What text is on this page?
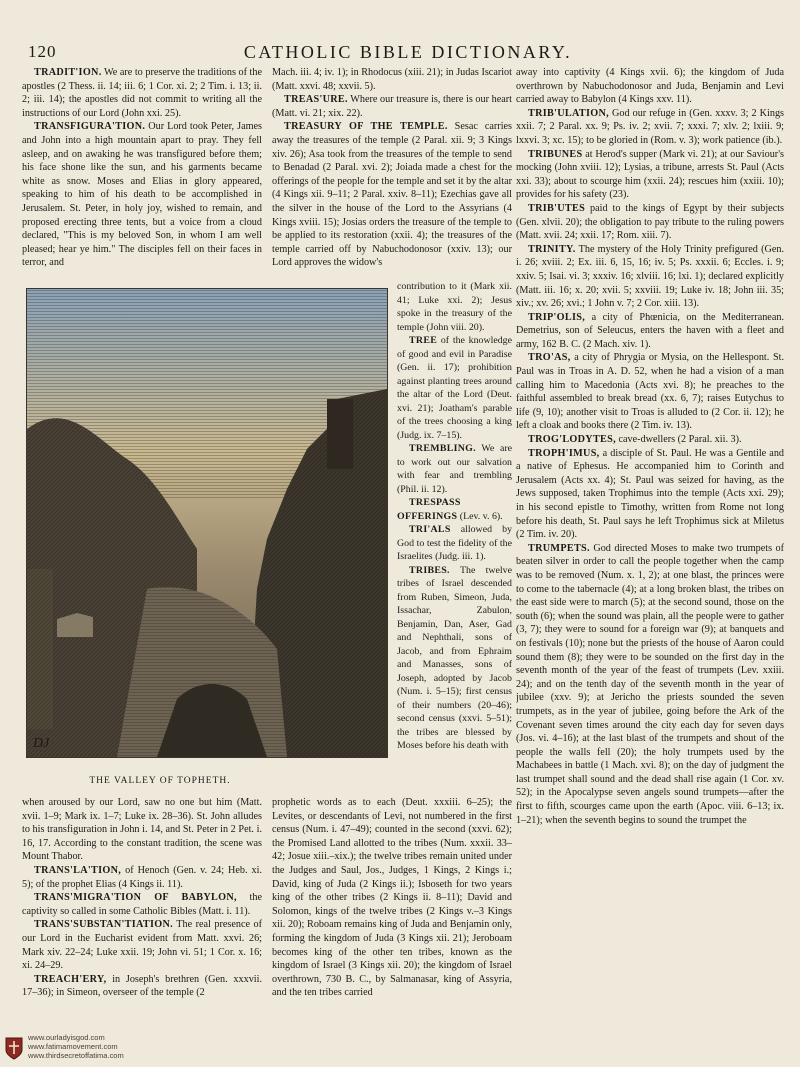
120	CATHOLIC BIBLE DICTIONARY.

TRADIT'ION. We are to preserve the traditions of the apostles (2 Thess. ii. 14; iii. 6; 1 Cor. xi. 2; 2 Tim. i. 13; ii. 2; iii. 14); the apostles did not commit to writing all the instructions of our Lord (John xxi. 25).

TRANSFIGURA'TION. Our Lord took Peter, James and John into a high mountain apart to pray. They fell asleep, and on awaking he was transfigured before them; his face shone like the sun, and his garments became white as snow. Moses and Elias in glory appeared, speaking to him of his death to be accomplished in Jerusalem. St. Peter, in holy joy, wished to remain, and proposed erecting three tents, but a voice from a cloud declared, "This is my beloved Son, in whom I am well pleased; hear ye him." The disciples fell on their faces in terror, and

Mach. iii. 4; iv. 1); in Rhodocus (xiii. 21); in Judas Iscariot (Matt. xxvi. 48; xxvii. 5).

TREAS'URE. Where our treasure is, there is our heart (Matt. vi. 21; xix. 22).

TREASURY OF THE TEMPLE. Sesac carries away the treasures of the temple (2 Paral. xii. 9; 3 Kings xiv. 26); Asa took from the treasures of the temple to send to Benadad (2 Paral. xvi. 2); Joiada made a chest for the offerings of the people for the temple and set it by the altar (4 Kings xii. 9–11; 2 Paral. xxiv. 8–11); Ezechias gave all the silver in the house of the Lord to the Assyrians (4 Kings xviii. 15); Josias orders the treasure of the temple to be applied to its restoration (xxii. 4); the treasures of the temple carried off by Nabuchodonosor (xxiv. 13); our Lord approves the widow's

contribution to it (Mark xii. 41; Luke xxi. 2); Jesus spoke in the treasury of the temple (John viii. 20).

TREE of the knowledge of good and evil in Paradise (Gen. ii. 17); prohibition against planting trees around the altar of the Lord (Deut. xvi. 21); Joatham's parable of the trees choosing a king (Judg. ix. 7–15).

TREMBLING. We are to work out our salvation with fear and trembling (Phil. ii. 12).

TRESPASS OFFERINGS (Lev. v. 6).

TRI'ALS allowed by God to test the fidelity of the Israelites (Judg. iii. 1).

TRIBES. The twelve tribes of Israel descended from Ruben, Simeon, Juda, Issachar, Zabulon, Benjamin, Dan, Aser, Gad and Nephthali, sons of Jacob, and from Ephraim and Manasses, sons of Joseph, adopted by Jacob (Num. i. 5–15); first census of their numbers (20–46); second census (xxvi. 5–51); the tribes are blessed by Moses before his death with

away into captivity (4 Kings xvii. 6); the kingdom of Juda overthrown by Nabuchodonosor and Juda, Benjamin and Levi carried away to Babylon (4 Kings xxv. 11).

TRIB'ULATION, God our refuge in (Gen. xxxv. 3; 2 Kings xxii. 7; 2 Paral. xx. 9; Ps. iv. 2; xvii. 7; xxxi. 7; xlv. 2; lxiii. 9; lxxvi. 3; xc. 15); to be gloried in (Rom. v. 3); work patience (ib.).

TRIBUNES at Herod's supper (Mark vi. 21); at our Saviour's mocking (John xviii. 12); Lysias, a tribune, arrests St. Paul (Acts xxi. 33); about to scourge him (xxii. 24); rescues him (xxiii. 10); provides for his safety (23).

TRIB'UTES paid to the kings of Egypt by their subjects (Gen. xlvii. 20); the obligation to pay tribute to the ruling powers (Matt. xvii. 24; xxii. 17; Rom. xiii. 7).

TRINITY. The mystery of the Holy Trinity prefigured (Gen. i. 26; xviii. 2; Ex. iii. 6, 15, 16; iv. 5; Ps. xxxii. 6; Eccles. i. 9; xxiv. 5; Isai. vi. 3; xxxiv. 16; xlviii. 16; lxi. 1); declared explicitly (Matt. iii. 16; x. 20; xvii. 5; xxviii. 19; Luke iv. 18; John iii. 35; xiv.; xv. 26; xvi.; 1 John v. 7; 2 Cor. xiii. 13).

TRIP'OLIS, a city of Phœnicia, on the Mediterranean. Demetrius, son of Seleucus, enters the haven with a fleet and army, 162 B. C. (2 Mach. xiv. 1).

TRO'AS, a city of Phrygia or Mysia, on the Hellespont. St. Paul was in Troas in A. D. 52, when he had a vision of a man calling him to Macedonia (Acts xvi. 8); he preaches to the faithful assembled to break bread (xx. 6, 7); raises Eutychus to life (9, 10); another visit to Troas is alluded to (2 Cor. ii. 12); he left a cloak and books there (2 Tim. iv. 13).

TROG'LODYTES, cave-dwellers (2 Paral. xii. 3).

TROPH'IMUS, a disciple of St. Paul. He was a Gentile and a native of Ephesus. He accompanied him to Corinth and Jerusalem (Acts xx. 4); St. Paul was seized for having, as the Jews supposed, taken Trophimus into the temple (Acts xxi. 29); in his second epistle to Timothy, written from Rome not long before his death, St. Paul says he left Trophimus sick at Miletus (2 Tim. iv. 20).

TRUMPETS. God directed Moses to make two trumpets of beaten silver in order to call the people together when the camp was to be removed (Num. x. 1, 2); at one blast, the princes were to come to the tabernacle (4); at a long broken blast, the tribes on the east side were to march (5); at the second sound, those on the south (6); when the sound was plain, all the people were to gather (3, 7); they were to sound for a foreign war (9); at banquets and on festivals (10); none but the priests of the house of Aaron could sound them (8); they were to be sounded on the first day in the seventh month of the year of the feast of trumpets (Lev. xxiii. 24); and on the tenth day of the seventh month in the year of jubilee (xxv. 9); at Jericho the priests sounded the seven trumpets, as in the year of jubilee, going before the Ark of the Covenant seven times around the city each day for seven days (Jos. vi. 4–16); at the last blast of the trumpets and shout of the people the walls fell (20); the holy trumpets used by the Machabees in battle (1 Mach. xvi. 8); on the day of judgment the last trumpet shall sound and the dead shall rise again (1 Cor. xv. 52); in the Apocalypse seven angels sound trumpets—after the first to fifth, scourges came upon the earth (Apoc. viii. 6–13; ix. 1–21); when the seventh begins to sound the trumpet the

when aroused by our Lord, saw no one but him (Matt. xvii. 1–9; Mark ix. 1–7; Luke ix. 28–36). St. John alludes to his transfiguration in John i. 14, and St. Peter in 2 Pet. i. 16, 17. According to the constant tradition, the scene was Mount Thabor.

TRANS'LA'TION, of Henoch (Gen. v. 24; Heb. xi. 5); of the prophet Elias (4 Kings ii. 11).

TRANS'MIGRA'TION OF BABYLON, the captivity so called in some Catholic Bibles (Matt. i. 11).

TRANS'SUBSTAN'TIATION. The real presence of our Lord in the Eucharist evident from Matt. xxvi. 26; Mark xiv. 22–24; Luke xxii. 19; John vi. 51; 1 Cor. x. 16; xi. 24–29.

TREACH'ERY, in Joseph's brethren (Gen. xxxvii. 17–36); in Simeon, overseer of the temple (2

prophetic words as to each (Deut. xxxiii. 6–25); the Levites, or descendants of Levi, not numbered in the first census (Num. i. 47–49); counted in the second (xxvi. 62); the Promised Land allotted to the tribes (Num. xxxii. 33–42; Josue xiii.–xix.); the twelve tribes remain united under the Judges and Saul, Jos., Judges, 1 Kings, 2 Kings i.; David, king of Juda (2 Kings ii.); Isboseth for two years king of the other tribes (2 Kings ii. 8–11); David and Solomon, kings of the twelve tribes (2 Kings v.–3 Kings xii. 20); Roboam remains king of Juda and Benjamin only, forming the kingdom of Juda (3 Kings xii. 21); Jeroboam becomes king of the other ten tribes, known as the kingdom of Israel (3 Kings xii. 20); the kingdom of Israel overthrown, 730 B. C., by Salmanasar, king of Assyria, and the ten tribes carried

DJ
THE VALLEY OF TOPHETH.
www.ourladyisgod.com
www.fatimamovement.com
www.thirdsecretoffatima.com
